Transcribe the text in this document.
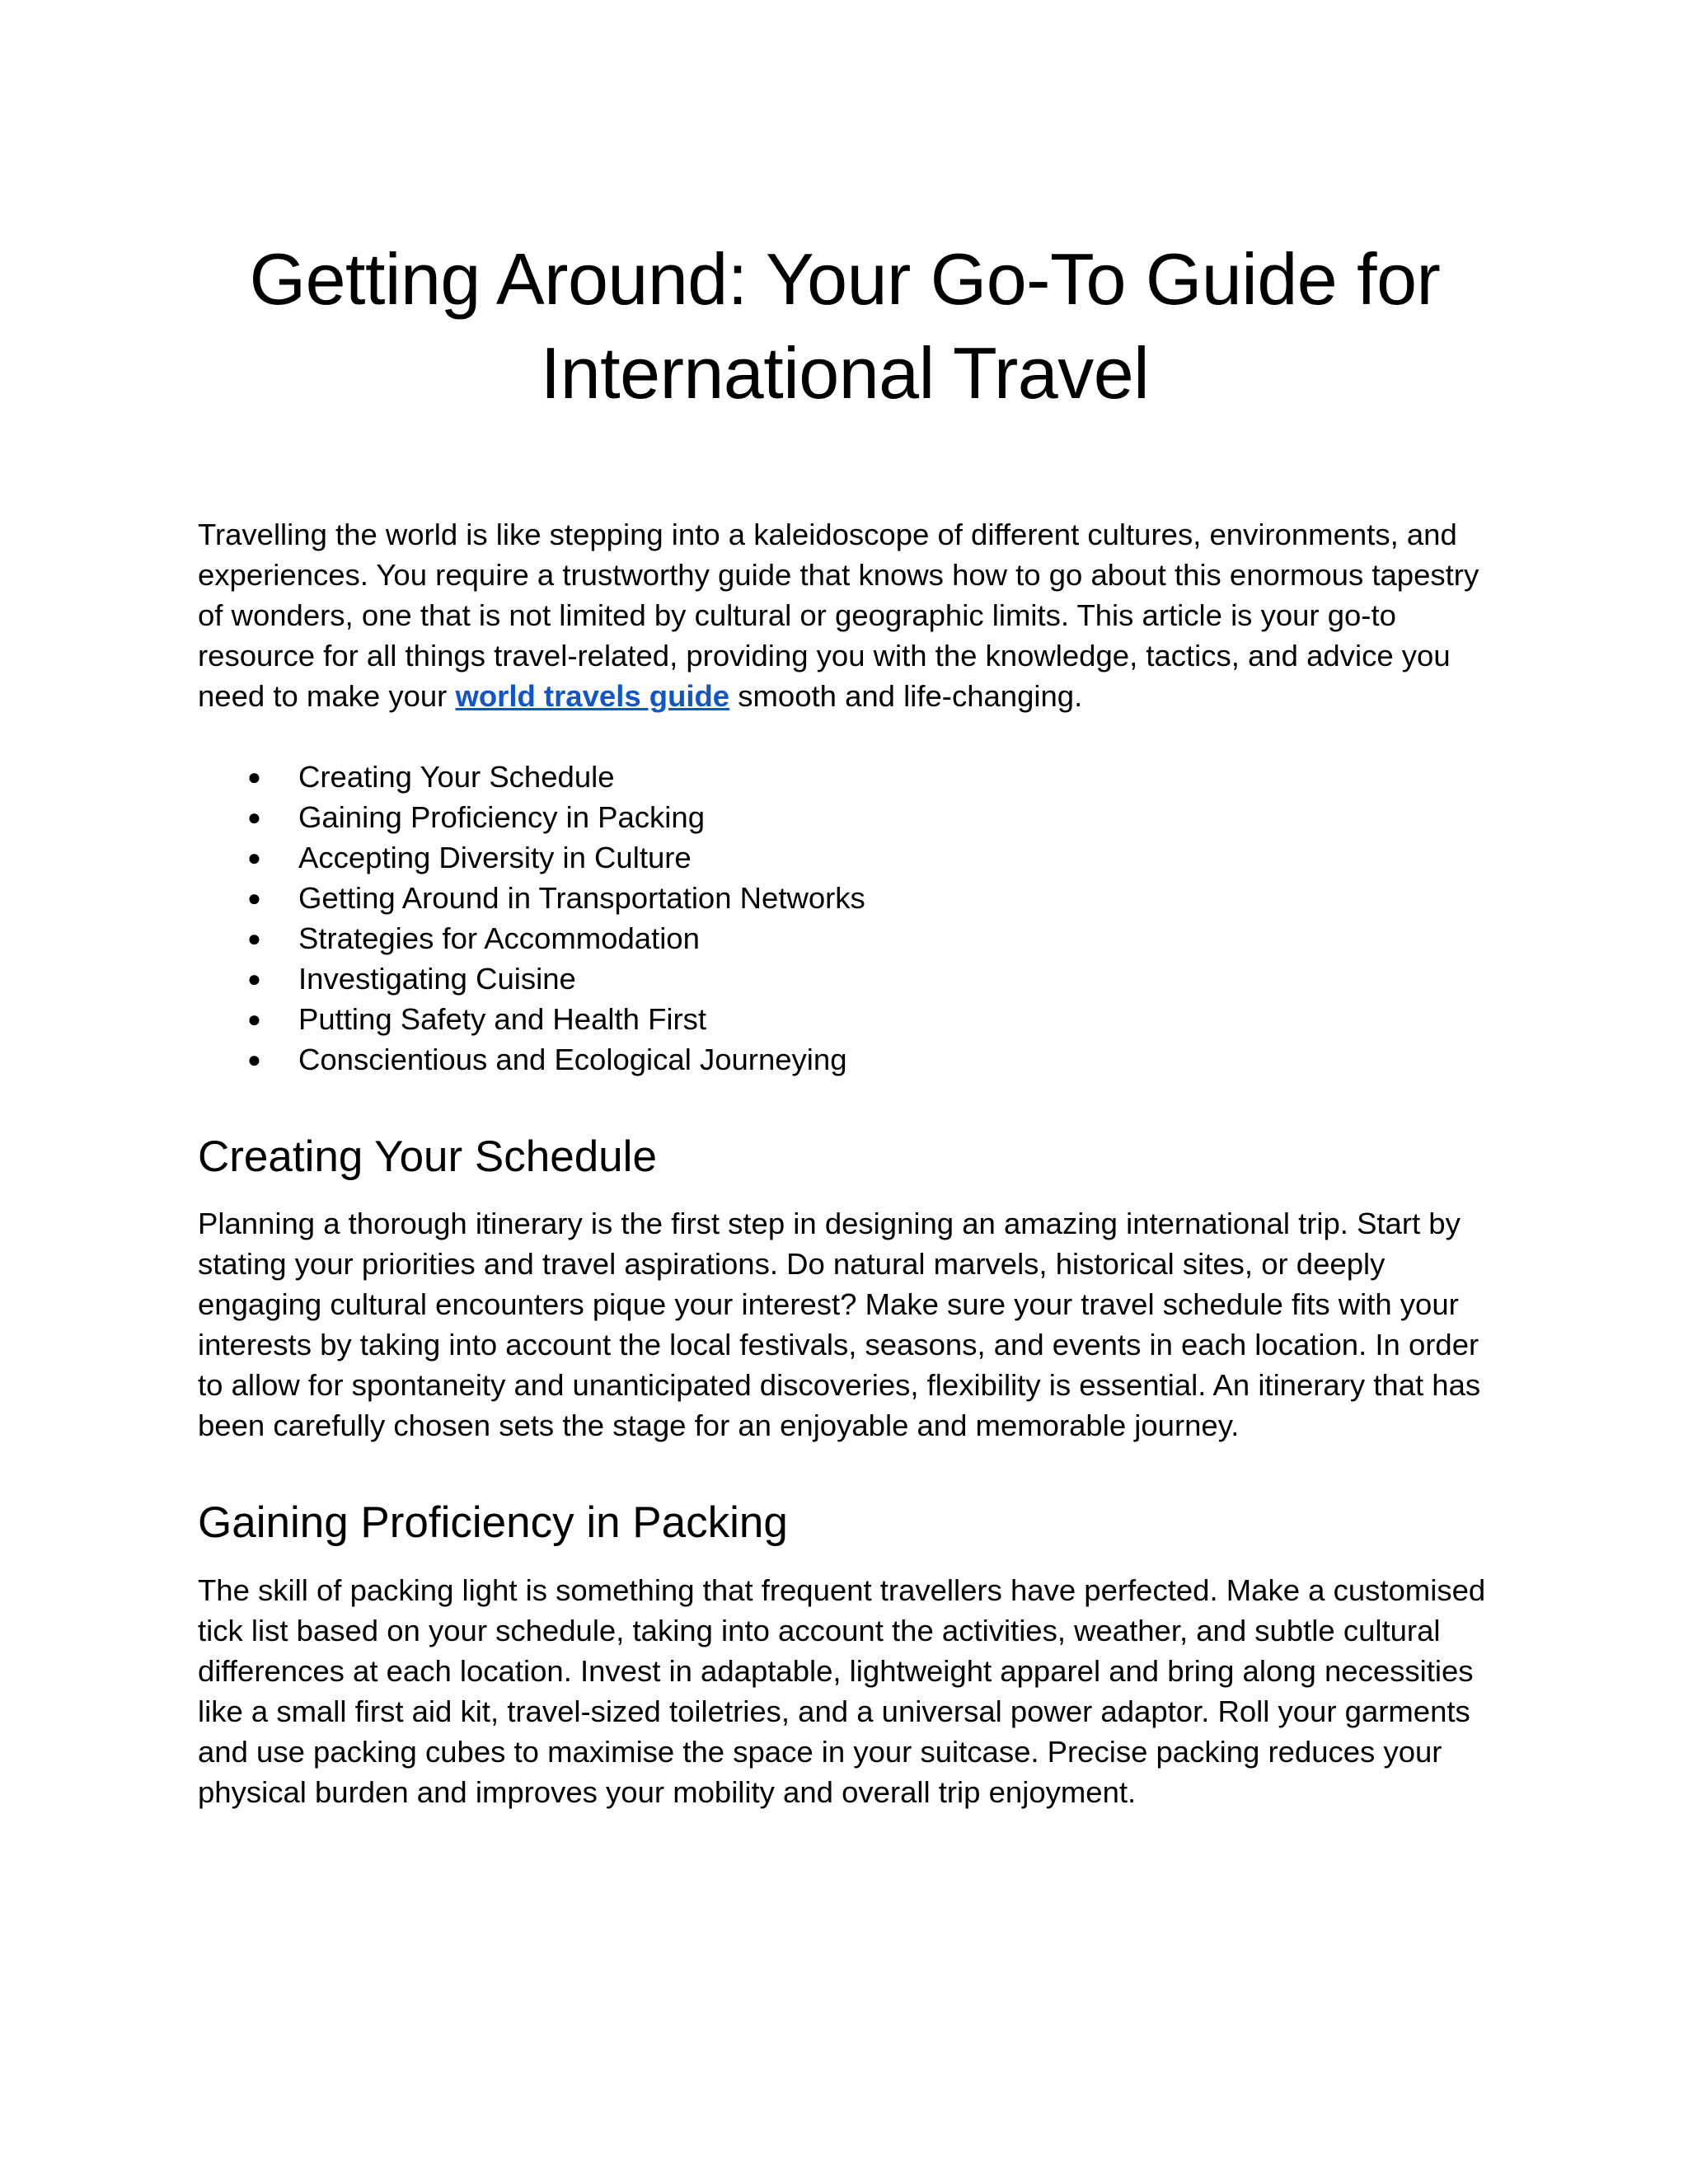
Getting Around: Your Go-To Guide for International Travel

Travelling the world is like stepping into a kaleidoscope of different cultures, environments, and experiences. You require a trustworthy guide that knows how to go about this enormous tapestry of wonders, one that is not limited by cultural or geographic limits. This article is your go-to resource for all things travel-related, providing you with the knowledge, tactics, and advice you need to make your world travels guide smooth and life-changing.

● Creating Your Schedule
● Gaining Proficiency in Packing
● Accepting Diversity in Culture
● Getting Around in Transportation Networks
● Strategies for Accommodation
● Investigating Cuisine
● Putting Safety and Health First
● Conscientious and Ecological Journeying
Creating Your Schedule

Planning a thorough itinerary is the first step in designing an amazing international trip. Start by stating your priorities and travel aspirations. Do natural marvels, historical sites, or deeply engaging cultural encounters pique your interest? Make sure your travel schedule fits with your interests by taking into account the local festivals, seasons, and events in each location. In order to allow for spontaneity and unanticipated discoveries, flexibility is essential. An itinerary that has been carefully chosen sets the stage for an enjoyable and memorable journey.

Gaining Proficiency in Packing

The skill of packing light is something that frequent travellers have perfected. Make a customised tick list based on your schedule, taking into account the activities, weather, and subtle cultural differences at each location. Invest in adaptable, lightweight apparel and bring along necessities like a small first aid kit, travel-sized toiletries, and a universal power adaptor. Roll your garments and use packing cubes to maximise the space in your suitcase. Precise packing reduces your physical burden and improves your mobility and overall trip enjoyment.
